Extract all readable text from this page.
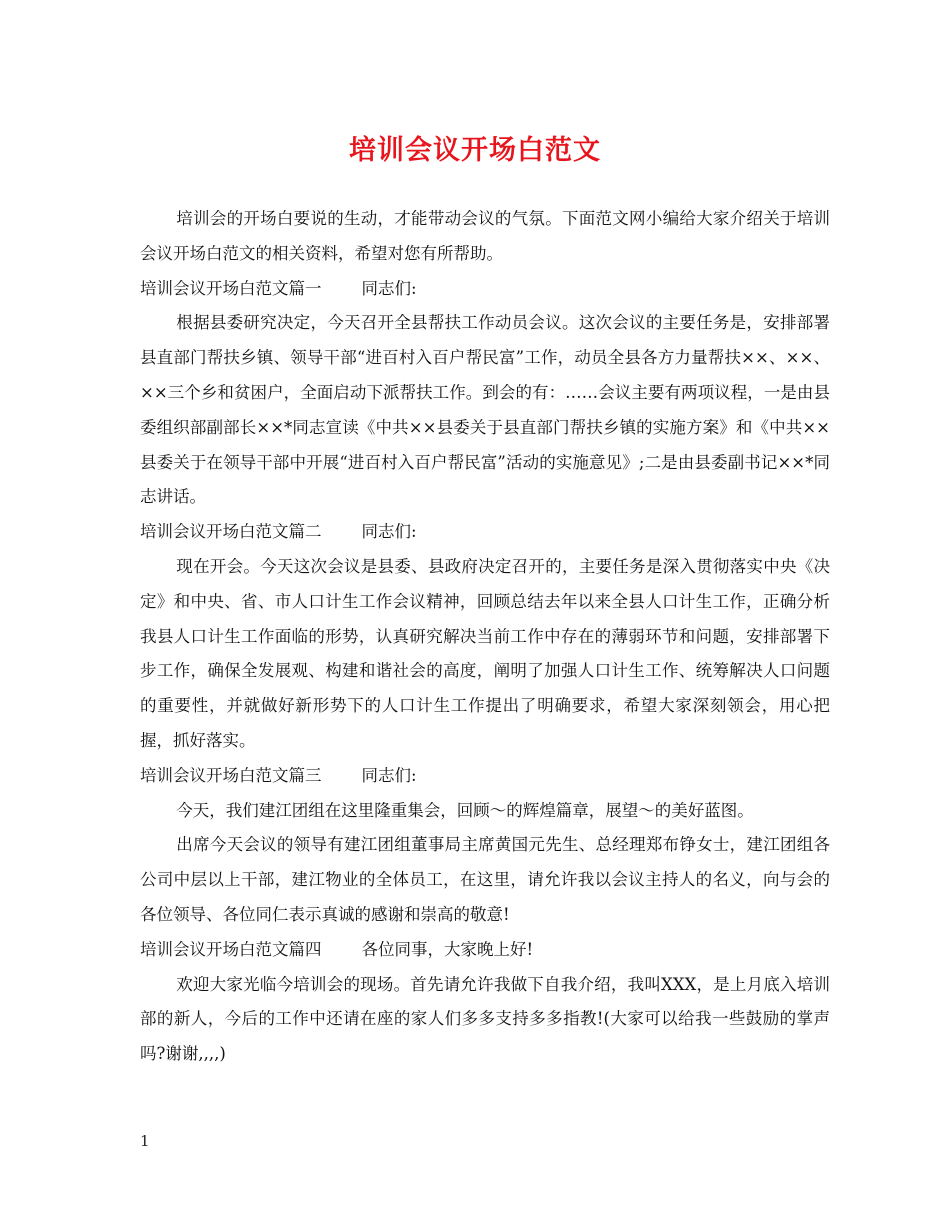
培训会议开场白范文

培训会的开场白要说的生动，才能带动会议的气氛。下面范文网小编给大家介绍关于培训会议开场白范文的相关资料，希望对您有所帮助。

培训会议开场白范文篇一 同志们:

根据县委研究决定，今天召开全县帮扶工作动员会议。这次会议的主要任务是，安排部署县直部门帮扶乡镇、领导干部“进百村入百户帮民富”工作，动员全县各方力量帮扶××、××、××三个乡和贫困户，全面启动下派帮扶工作。到会的有：……会议主要有两项议程，一是由县委组织部副部长××*同志宣读《中共××县委关于县直部门帮扶乡镇的实施方案》和《中共××县委关于在领导干部中开展“进百村入百户帮民富”活动的实施意见》;二是由县委副书记××*同志讲话。

培训会议开场白范文篇二 同志们:

现在开会。今天这次会议是县委、县政府决定召开的，主要任务是深入贯彻落实中央《决定》和中央、省、市人口计生工作会议精神，回顾总结去年以来全县人口计生工作，正确分析我县人口计生工作面临的形势，认真研究解决当前工作中存在的薄弱环节和问题，安排部署下步工作，确保全发展观、构建和谐社会的高度，阐明了加强人口计生工作、统筹解决人口问题的重要性，并就做好新形势下的人口计生工作提出了明确要求，希望大家深刻领会，用心把握，抓好落实。

培训会议开场白范文篇三 同志们:

今天，我们建江团组在这里隆重集会，回顾～的辉煌篇章，展望～的美好蓝图。

出席今天会议的领导有建江团组董事局主席黄国元先生、总经理郑布铮女士，建江团组各公司中层以上干部，建江物业的全体员工，在这里，请允许我以会议主持人的名义，向与会的各位领导、各位同仁表示真诚的感谢和崇高的敬意!

培训会议开场白范文篇四 各位同事，大家晚上好!

欢迎大家光临今培训会的现场。首先请允许我做下自我介绍，我叫XXX，是上月底入培训部的新人，今后的工作中还请在座的家人们多多支持多多指教!(大家可以给我一些鼓励的掌声吗?谢谢,,,,)

1
